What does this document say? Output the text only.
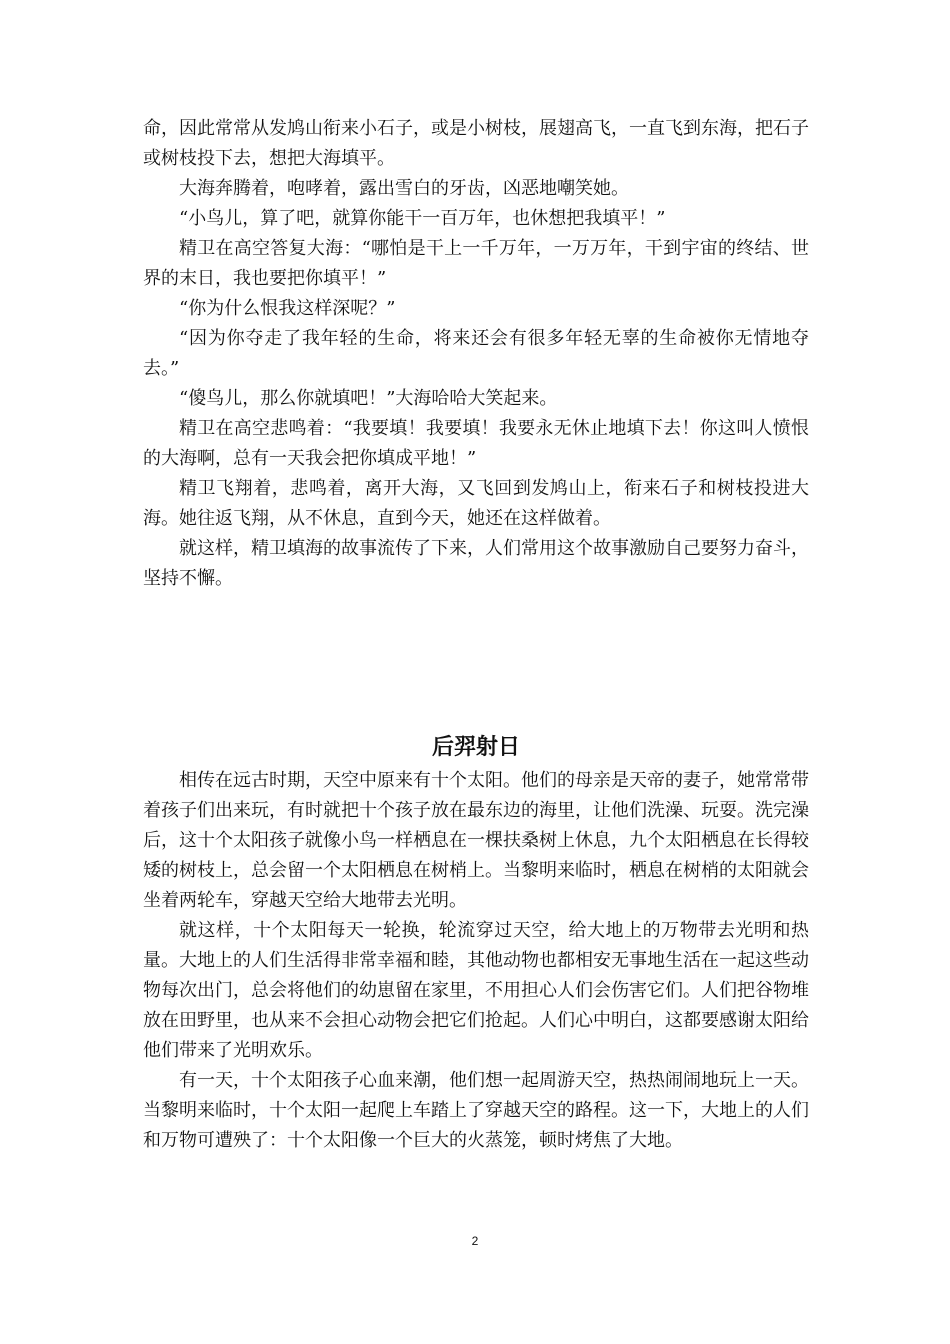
命，因此常常从发鸠山衔来小石子，或是小树枝，展翅高飞，一直飞到东海，把石子或树枝投下去，想把大海填平。

大海奔腾着，咆哮着，露出雪白的牙齿，凶恶地嘲笑她。

“小鸟儿，算了吧，就算你能干一百万年，也休想把我填平！”

精卫在高空答复大海：“哪怕是干上一千万年，一万万年，干到宇宙的终结、世界的末日，我也要把你填平！”

“你为什么恨我这样深呢？”

“因为你夺走了我年轻的生命，将来还会有很多年轻无辜的生命被你无情地夺去。”

“傻鸟儿，那么你就填吧！”大海哈哈大笑起来。

精卫在高空悲鸣着：“我要填！我要填！我要永无休止地填下去！你这叫人愤恨的大海啊，总有一天我会把你填成平地！”

精卫飞翔着，悲鸣着，离开大海，又飞回到发鸠山上，衔来石子和树枝投进大海。她往返飞翔，从不休息，直到今天，她还在这样做着。

就这样，精卫填海的故事流传了下来，人们常用这个故事激励自己要努力奋斗，坚持不懈。

后羿射日

相传在远古时期，天空中原来有十个太阳。他们的母亲是天帝的妻子，她常常带着孩子们出来玩，有时就把十个孩子放在最东边的海里，让他们洗澡、玩耍。洗完澡后，这十个太阳孩子就像小鸟一样栖息在一棵扶桑树上休息，九个太阳栖息在长得较矮的树枝上，总会留一个太阳栖息在树梢上。当黎明来临时，栖息在树梢的太阳就会坐着两轮车，穿越天空给大地带去光明。

就这样，十个太阳每天一轮换，轮流穿过天空，给大地上的万物带去光明和热量。大地上的人们生活得非常幸福和睦，其他动物也都相安无事地生活在一起这些动物每次出门，总会将他们的幼崽留在家里，不用担心人们会伤害它们。人们把谷物堆放在田野里，也从来不会担心动物会把它们抢起。人们心中明白，这都要感谢太阳给他们带来了光明欢乐。

有一天，十个太阳孩子心血来潮，他们想一起周游天空，热热闹闹地玩上一天。当黎明来临时，十个太阳一起爬上车踏上了穿越天空的路程。这一下，大地上的人们和万物可遭殃了：十个太阳像一个巨大的火蒸笼，顿时烤焦了大地。

2
